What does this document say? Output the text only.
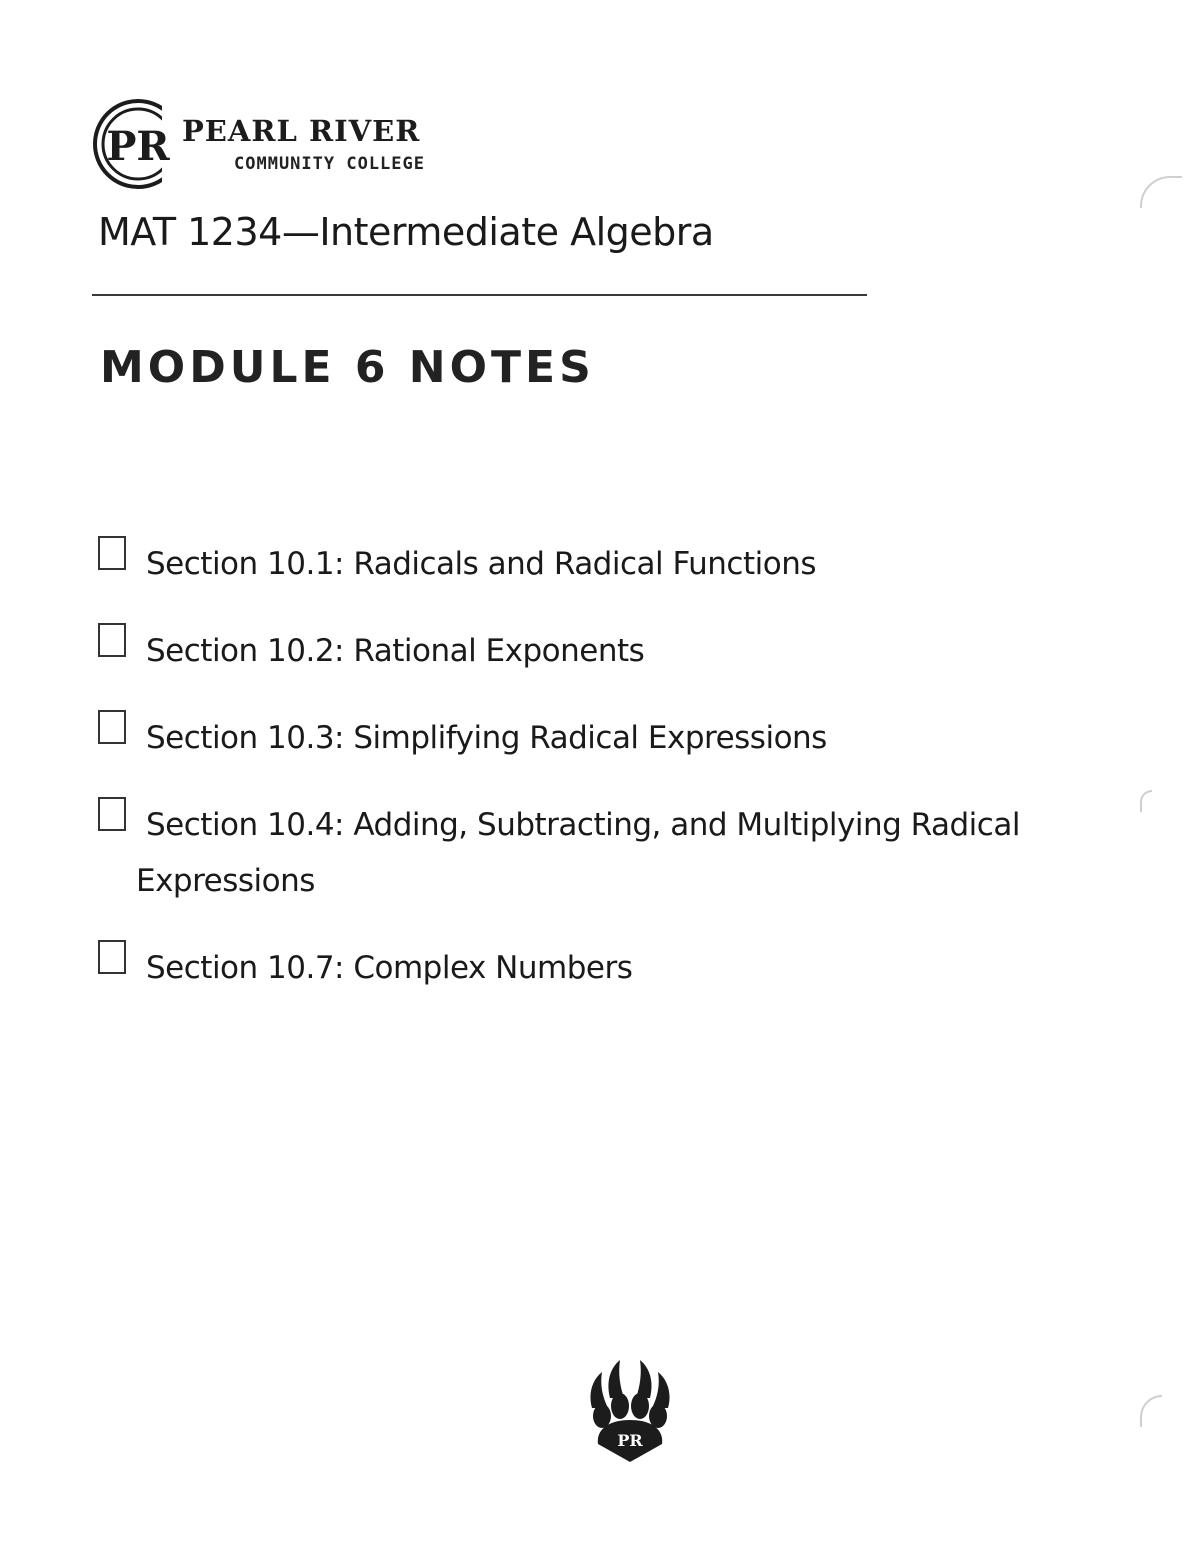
PR PEARL RIVER
COMMUNITY COLLEGE
MAT 1234—Intermediate Algebra
MODULE 6 NOTES
Section 10.1: Radicals and Radical Functions
Section 10.2: Rational Exponents
Section 10.3: Simplifying Radical Expressions
Section 10.4: Adding, Subtracting, and Multiplying Radical
Expressions
Section 10.7: Complex Numbers
PR
